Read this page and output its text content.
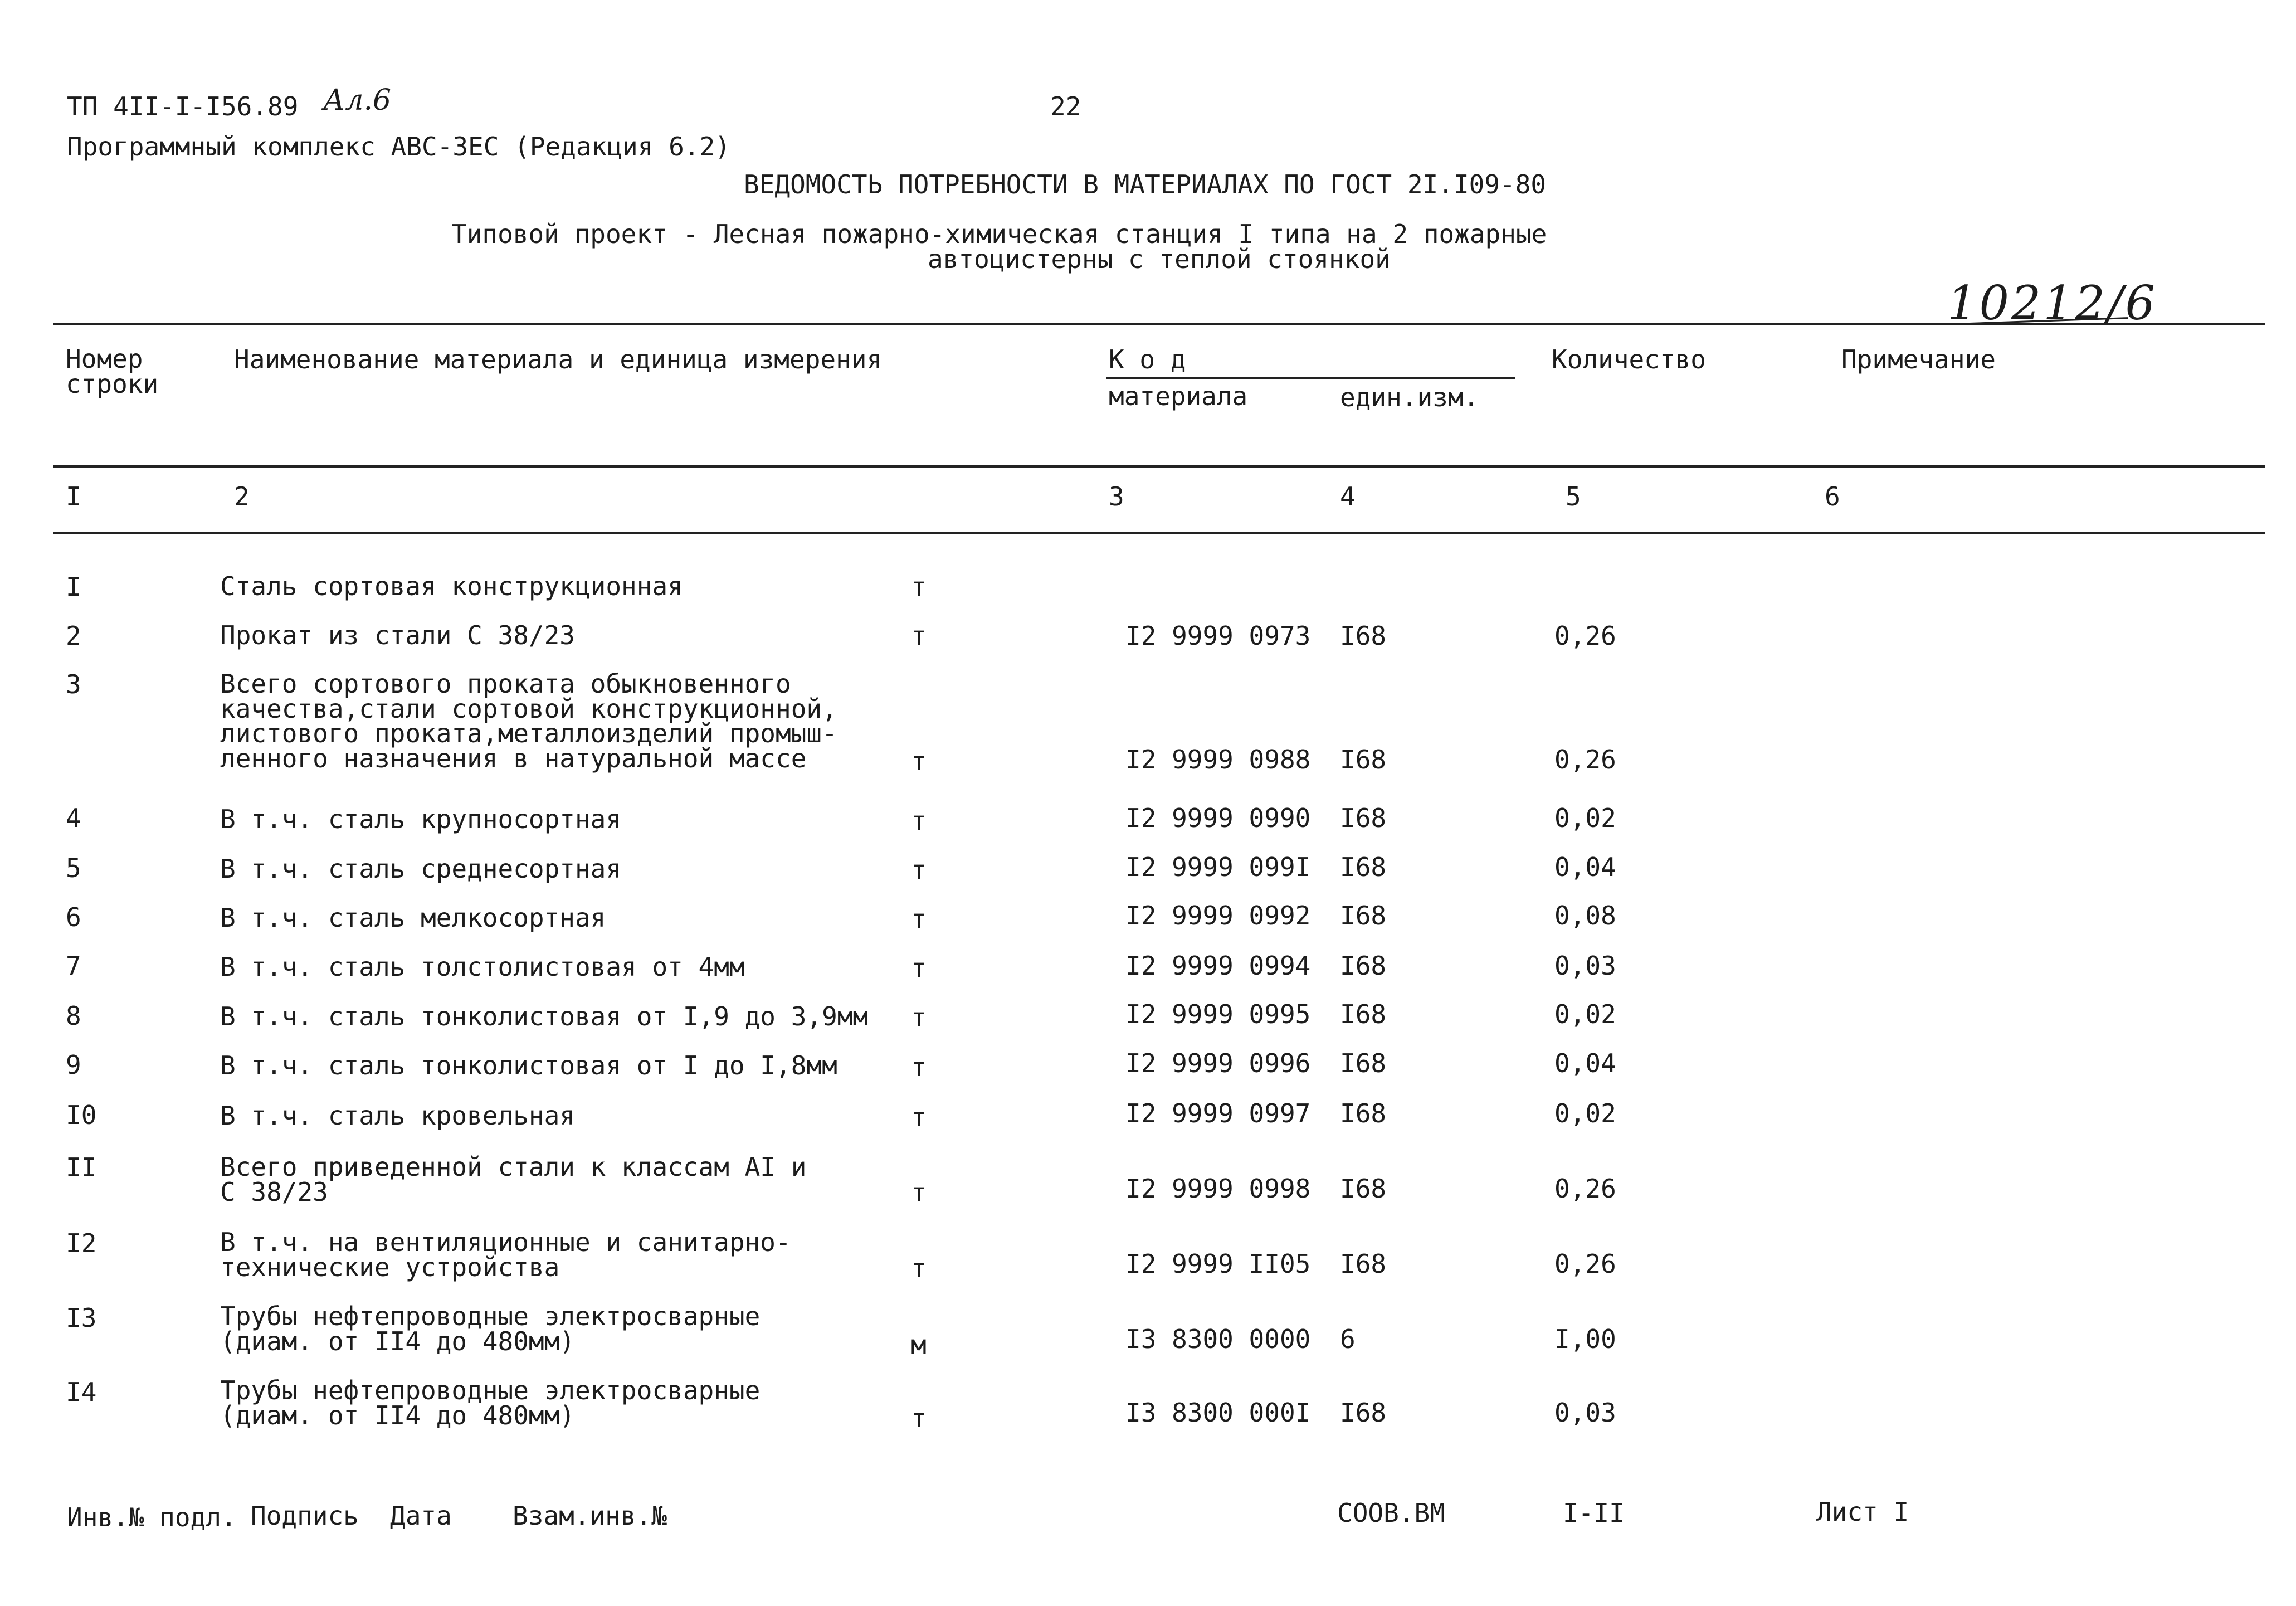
ТП 4II-I-I56.89 Ал.6	22
Программный комплекс АВС-3ЕС (Редакция 6.2)
ВЕДОМОСТЬ ПОТРЕБНОСТИ В МАТЕРИАЛАХ ПО ГОСТ 2I.I09-80
Типовой проект - Лесная пожарно-химическая станция I типа на 2 пожарные
автоцистерны с теплой стоянкой
10212/6
Номер
строки
Наименование материала и единица измерения	К о д
материала	един.изм.
Количество	Примечание
I	2	3	4	5	6
I	Сталь сортовая конструкционная	т
2	Прокат из стали С 38/23	т	I2 9999 0973 I68	0,26
3	Всего сортового проката обыкновенного
качества,стали сортовой конструкционной,
листового проката,металлоизделий промыш-
ленного назначения в натуральной массе	т	I2 9999 0988 I68	0,26
4	В т.ч. сталь крупносортная	т	I2 9999 0990 I68	0,02
5	В т.ч. сталь среднесортная	т	I2 9999 099I I68	0,04
6	В т.ч. сталь мелкосортная	т	I2 9999 0992 I68	0,08
7	В т.ч. сталь толстолистовая от 4мм	т	I2 9999 0994 I68	0,03
8	В т.ч. сталь тонколистовая от I,9 до 3,9мм т	I2 9999 0995 I68	0,02
9	В т.ч. сталь тонколистовая от I до I,8мм	т	I2 9999 0996 I68	0,04
I0	В т.ч. сталь кровельная	т	I2 9999 0997 I68	0,02
II	Всего приведенной стали к классам АI и
С 38/23	т	I2 9999 0998 I68	0,26
I2	В т.ч. на вентиляционные и санитарно-
технические устройства	т	I2 9999 II05 I68	0,26
I3	Трубы нефтепроводные электросварные
(диам. от II4 до 480мм)	м	I3 8300 0000 6	I,00
I4	Трубы нефтепроводные электросварные
(диам. от II4 до 480мм)	т	I3 8300 000I I68	0,03
Инв.№ подл. Подпись Дата Взам.инв.№	СООВ.ВМ	I-II	Лист I
